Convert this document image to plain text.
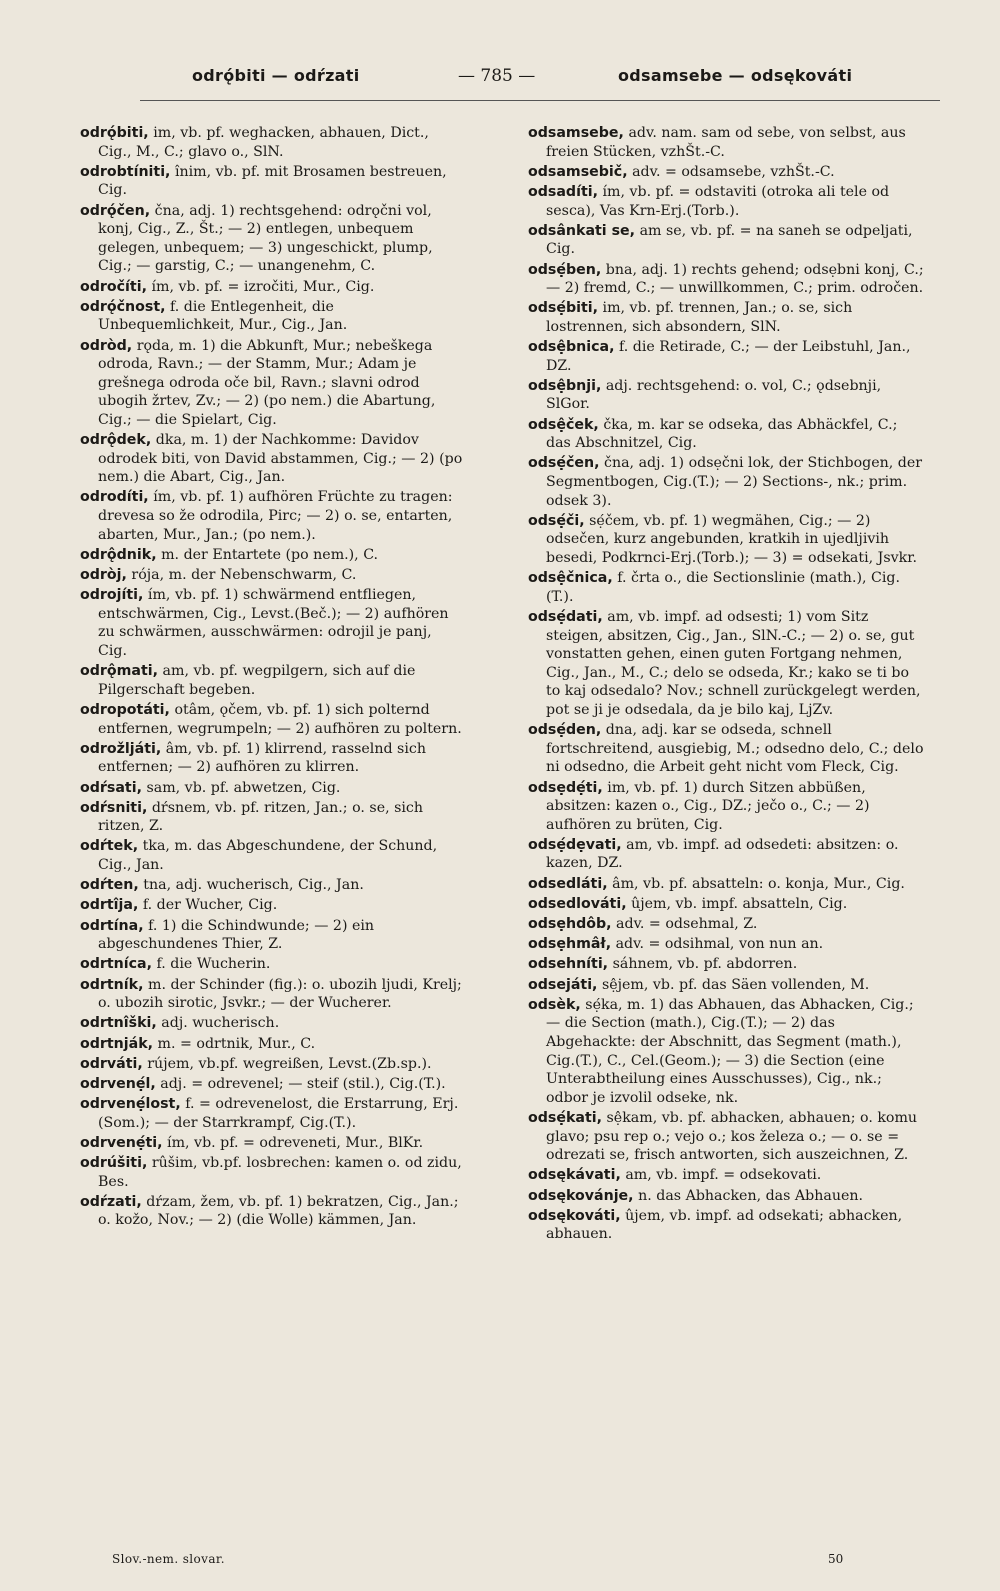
odrǫ́biti — odŕzati	— 785 —	odsamsebe — odsękováti
odrǫ́biti, im, vb. pf. weghacken, abhauen, Dict., Cig., M., C.; glavo o., SlN.
odrobtíniti, înim, vb. pf. mit Brosamen bestreuen, Cig.
odrǫ́čen, čna, adj. 1) rechtsgehend: odrǫčni vol, konj, Cig., Z., Št.; — 2) entlegen, unbequem gelegen, unbequem; — 3) ungeschickt, plump, Cig.; — garstig, C.; — unangenehm, C.
odročíti, ím, vb. pf. = izročiti, Mur., Cig.
odrǫ́čnost, f. die Entlegenheit, die Unbequemlichkeit, Mur., Cig., Jan.
odròd, rǫda, m. 1) die Abkunft, Mur.; nebeškega odroda, Ravn.; — der Stamm, Mur.; Adam je grešnega odroda oče bil, Ravn.; slavni odrod ubogih žrtev, Zv.; — 2) (po nem.) die Abartung, Cig.; — die Spielart, Cig.
odrǫ̂dek, dka, m. 1) der Nachkomme: Davidov odrodek biti, von David abstammen, Cig.; — 2) (po nem.) die Abart, Cig., Jan.
odrodíti, ím, vb. pf. 1) aufhören Früchte zu tragen: drevesa so že odrodila, Pirc; — 2) o. se, entarten, abarten, Mur., Jan.; (po nem.).
odrǫ̂dnik, m. der Entartete (po nem.), C.
odròj, rója, m. der Nebenschwarm, C.
odrojíti, ím, vb. pf. 1) schwärmend entfliegen, entschwärmen, Cig., Levst.(Beč.); — 2) aufhören zu schwärmen, ausschwärmen: odrojil je panj, Cig.
odrǫ̂mati, am, vb. pf. wegpilgern, sich auf die Pilgerschaft begeben.
odropotáti, otâm, ǫčem, vb. pf. 1) sich polternd entfernen, wegrumpeln; — 2) aufhören zu poltern.
odrožljáti, âm, vb. pf. 1) klirrend, rasselnd sich entfernen; — 2) aufhören zu klirren.
odŕsati, sam, vb. pf. abwetzen, Cig.
odŕsniti, dŕsnem, vb. pf. ritzen, Jan.; o. se, sich ritzen, Z.
odŕtek, tka, m. das Abgeschundene, der Schund, Cig., Jan.
odŕten, tna, adj. wucherisch, Cig., Jan.
odrtîja, f. der Wucher, Cig.
odrtína, f. 1) die Schindwunde; — 2) ein abgeschundenes Thier, Z.
odrtníca, f. die Wucherin.
odrtník, m. der Schinder (fig.): o. ubozih ljudi, Krelj; o. ubozih sirotic, Jsvkr.; — der Wucherer.
odrtnîški, adj. wucherisch.
odrtnják, m. = odrtnik, Mur., C.
odrváti, rújem, vb.pf. wegreißen, Levst.(Zb.sp.).
odrvenẹ́l, adj. = odrevenel; — steif (stil.), Cig.(T.).
odrvenẹ́lost, f. = odrevenelost, die Erstarrung, Erj.(Som.); — der Starrkrampf, Cig.(T.).
odrvenẹ́ti, ím, vb. pf. = odreveneti, Mur., BlKr.
odrúšiti, rûšim, vb.pf. losbrechen: kamen o. od zidu, Bes.
odŕzati, dŕzam, žem, vb. pf. 1) bekratzen, Cig., Jan.; o. kožo, Nov.; — 2) (die Wolle) kämmen, Jan.
odsamsebe, adv. nam. sam od sebe, von selbst, aus freien Stücken, vzhŠt.-C.
odsamsebič, adv. = odsamsebe, vzhŠt.-C.
odsadíti, ím, vb. pf. = odstaviti (otroka ali tele od sesca), Vas Krn-Erj.(Torb.).
odsânkati se, am se, vb. pf. = na saneh se odpeljati, Cig.
odsẹ́ben, bna, adj. 1) rechts gehend; odsẹbni konj, C.; — 2) fremd, C.; — unwillkommen, C.; prim. odročen.
odsẹ́biti, im, vb. pf. trennen, Jan.; o. se, sich lostrennen, sich absondern, SlN.
odsệbnica, f. die Retirade, C.; — der Leibstuhl, Jan., DZ.
odsệbnji, adj. rechtsgehend: o. vol, C.; ǫdsebnji, SlGor.
odsệček, čka, m. kar se odseka, das Abhäckfel, C.; das Abschnitzel, Cig.
odsẹ́čen, čna, adj. 1) odsẹčni lok, der Stichbogen, der Segmentbogen, Cig.(T.); — 2) Sections-, nk.; prim. odsek 3).
odsẹ́či, sẹ́čem, vb. pf. 1) wegmähen, Cig.; — 2) odsečen, kurz angebunden, kratkih in ujedljivih besedi, Podkrnci-Erj.(Torb.); — 3) = odsekati, Jsvkr.
odsệčnica, f. črta o., die Sectionslinie (math.), Cig.(T.).
odsẹ́dati, am, vb. impf. ad odsesti; 1) vom Sitz steigen, absitzen, Cig., Jan., SlN.-C.; — 2) o. se, gut vonstatten gehen, einen guten Fortgang nehmen, Cig., Jan., M., C.; delo se odseda, Kr.; kako se ti bo to kaj odsedalo? Nov.; schnell zurückgelegt werden, pot se ji je odsedala, da je bilo kaj, LjZv.
odsẹ́den, dna, adj. kar se odseda, schnell fortschreitend, ausgiebig, M.; odsedno delo, C.; delo ni odsedno, die Arbeit geht nicht vom Fleck, Cig.
odsẹdẹ́ti, im, vb. pf. 1) durch Sitzen abbüßen, absitzen: kazen o., Cig., DZ.; ječo o., C.; — 2) aufhören zu brüten, Cig.
odsẹ́dẹvati, am, vb. impf. ad odsedeti: absitzen: o. kazen, DZ.
odsedláti, âm, vb. pf. absatteln: o. konja, Mur., Cig.
odsedlováti, ûjem, vb. impf. absatteln, Cig.
odsẹhdôb, adv. = odsehmal, Z.
odsẹhmâł, adv. = odsihmal, von nun an.
odsehníti, sáhnem, vb. pf. abdorren.
odsejáti, sệjem, vb. pf. das Säen vollenden, M.
odsèk, sẹ́ka, m. 1) das Abhauen, das Abhacken, Cig.; — die Section (math.), Cig.(T.); — 2) das Abgehackte: der Abschnitt, das Segment (math.), Cig.(T.), C., Cel.(Geom.); — 3) die Section (eine Unterabtheilung eines Ausschusses), Cig., nk.; odbor je izvolil odseke, nk.
odsẹ́kati, sệkam, vb. pf. abhacken, abhauen; o. komu glavo; psu rep o.; vejo o.; kos železa o.; — o. se = odrezati se, frisch antworten, sich auszeichnen, Z.
odsękávati, am, vb. impf. = odsekovati.
odsękovánje, n. das Abhacken, das Abhauen.
odsękováti, ûjem, vb. impf. ad odsekati; abhacken, abhauen.
Slov.-nem. slovar.	50
